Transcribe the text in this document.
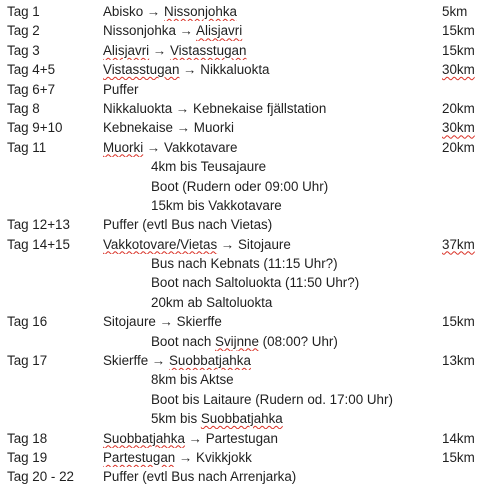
Tag 1	Abisko → Nissonjohka	5km
Tag 2	Nissonjohka → Alisjavri	15km
Tag 3	Alisjavri → Vistasstugan	15km
Tag 4+5	Vistasstugan → Nikkaluokta	30km
Tag 6+7	Puffer
Tag 8	Nikkaluokta → Kebnekaise fjällstation	20km
Tag 9+10	Kebnekaise → Muorki	30km
Tag 11	Muorki → Vakkotavare	20km
4km bis Teusajaure
Boot (Rudern oder 09:00 Uhr)
15km bis Vakkotavare
Tag 12+13	Puffer (evtl Bus nach Vietas)
Tag 14+15	Vakkotovare/Vietas → Sitojaure	37km
Bus nach Kebnats (11:15 Uhr?)
Boot nach Saltoluokta (11:50 Uhr?)
20km ab Saltoluokta
Tag 16	Sitojaure → Skierffe	15km
Boot nach Svijnne (08:00? Uhr)
Tag 17	Skierffe → Suobbatjahka	13km
8km bis Aktse
Boot bis Laitaure (Rudern od. 17:00 Uhr)
5km bis Suobbatjahka
Tag 18	Suobbatjahka → Partestugan	14km
Tag 19	Partestugan → Kvikkjokk	15km
Tag 20 - 22	Puffer (evtl Bus nach Arrenjarka)
